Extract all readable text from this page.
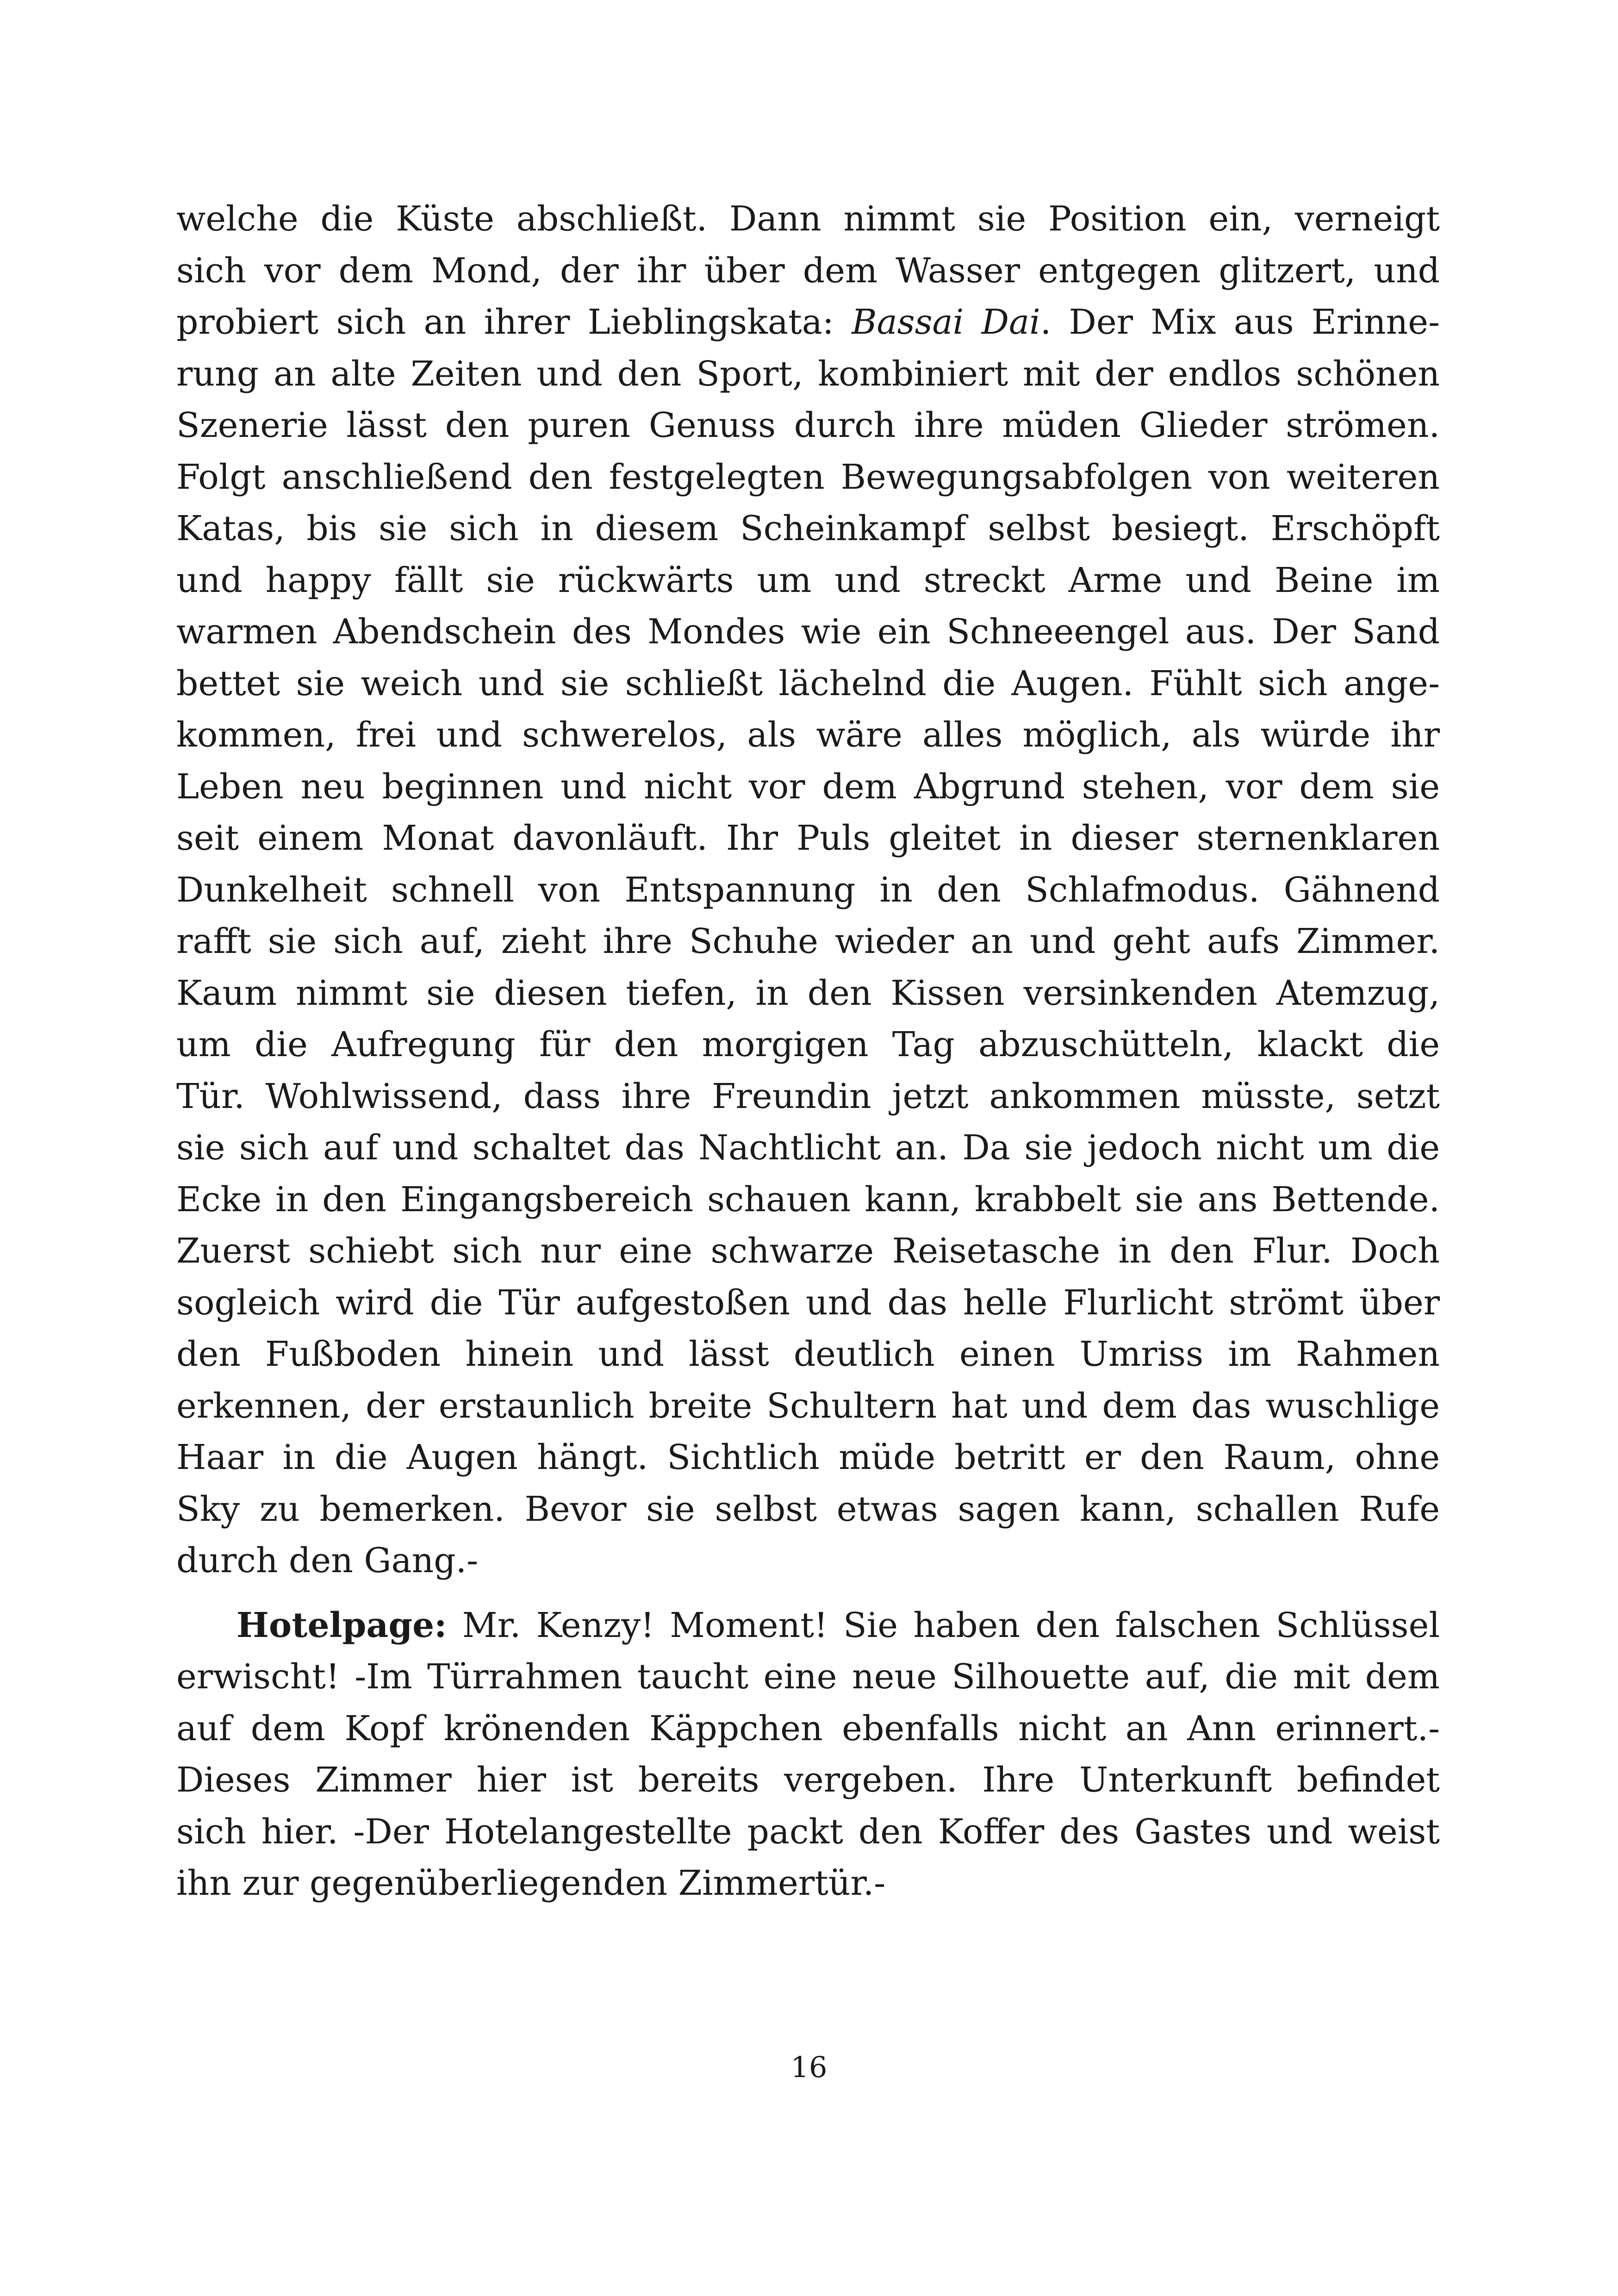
welche die Küste abschließt. Dann nimmt sie Position ein, verneigt
sich vor dem Mond, der ihr über dem Wasser entgegen glitzert, und
probiert sich an ihrer Lieblingskata: Bassai Dai. Der Mix aus Erinne-
rung an alte Zeiten und den Sport, kombiniert mit der endlos schönen
Szenerie lässt den puren Genuss durch ihre müden Glieder strömen.
Folgt anschließend den festgelegten Bewegungsabfolgen von weiteren
Katas, bis sie sich in diesem Scheinkampf selbst besiegt. Erschöpft
und happy fällt sie rückwärts um und streckt Arme und Beine im
warmen Abendschein des Mondes wie ein Schneeengel aus. Der Sand
bettet sie weich und sie schließt lächelnd die Augen. Fühlt sich ange-
kommen, frei und schwerelos, als wäre alles möglich, als würde ihr
Leben neu beginnen und nicht vor dem Abgrund stehen, vor dem sie
seit einem Monat davonläuft. Ihr Puls gleitet in dieser sternenklaren
Dunkelheit schnell von Entspannung in den Schlafmodus. Gähnend
rafft sie sich auf, zieht ihre Schuhe wieder an und geht aufs Zimmer.
Kaum nimmt sie diesen tiefen, in den Kissen versinkenden Atemzug,
um die Aufregung für den morgigen Tag abzuschütteln, klackt die
Tür. Wohlwissend, dass ihre Freundin jetzt ankommen müsste, setzt
sie sich auf und schaltet das Nachtlicht an. Da sie jedoch nicht um die
Ecke in den Eingangsbereich schauen kann, krabbelt sie ans Bettende.
Zuerst schiebt sich nur eine schwarze Reisetasche in den Flur. Doch
sogleich wird die Tür aufgestoßen und das helle Flurlicht strömt über
den Fußboden hinein und lässt deutlich einen Umriss im Rahmen
erkennen, der erstaunlich breite Schultern hat und dem das wuschlige
Haar in die Augen hängt. Sichtlich müde betritt er den Raum, ohne
Sky zu bemerken. Bevor sie selbst etwas sagen kann, schallen Rufe
durch den Gang.-
Hotelpage: Mr. Kenzy! Moment! Sie haben den falschen Schlüssel
erwischt! -Im Türrahmen taucht eine neue Silhouette auf, die mit dem
auf dem Kopf krönenden Käppchen ebenfalls nicht an Ann erinnert.-
Dieses Zimmer hier ist bereits vergeben. Ihre Unterkunft befindet
sich hier. -Der Hotelangestellte packt den Koffer des Gastes und weist
ihn zur gegenüberliegenden Zimmertür.-
16
